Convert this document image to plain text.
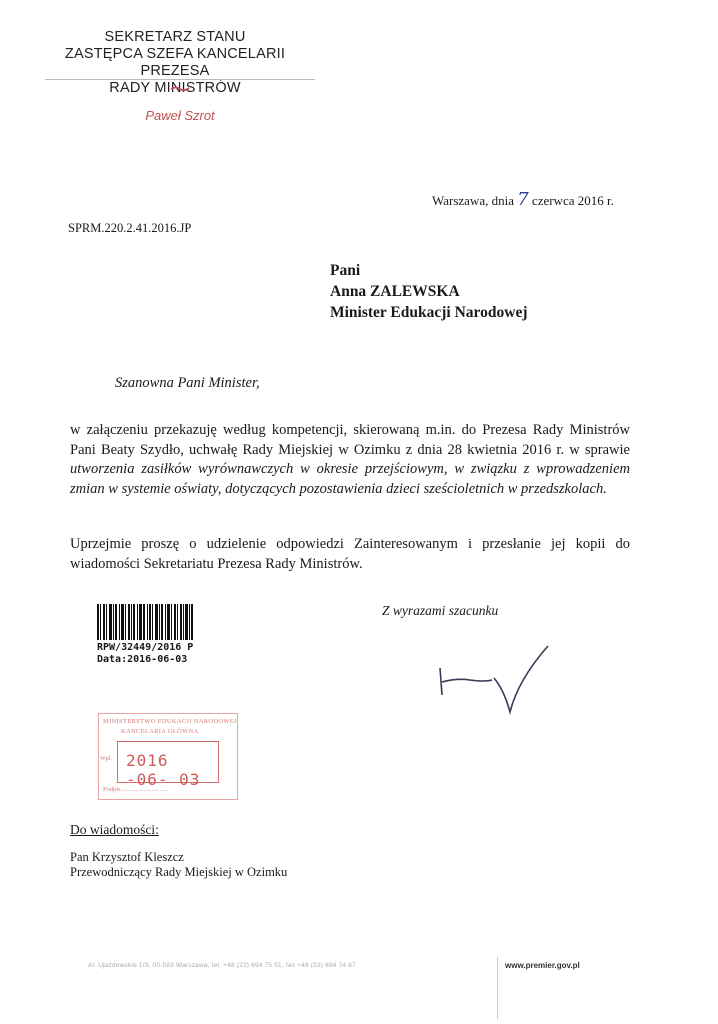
SEKRETARZ STANU
ZASTĘPCA SZEFA KANCELARII PREZESA
RADY MINISTRÓW
Paweł Szrot
Warszawa, dnia 7 czerwca 2016 r.
SPRM.220.2.41.2016.JP
Pani
Anna ZALEWSKA
Minister Edukacji Narodowej
Szanowna Pani Minister,
w załączeniu przekazuję według kompetencji, skierowaną m.in. do Prezesa Rady Ministrów Pani Beaty Szydło, uchwałę Rady Miejskiej w Ozimku z dnia 28 kwietnia 2016 r. w sprawie utworzenia zasiłków wyrównawczych w okresie przejściowym, w związku z wprowadzeniem zmian w systemie oświaty, dotyczących pozostawienia dzieci sześcioletnich w przedszkolach.
Uprzejmie proszę o udzielenie odpowiedzi Zainteresowanym i przesłanie jej kopii do wiadomości Sekretariatu Prezesa Rady Ministrów.
Z wyrazami szacunku
RPW/32449/2016 P
Data:2016-06-03
MINISTERSTWO EDUKACJI NARODOWEJ
KANCELARIA GŁÓWNA
Wpł. 2016 -06- 03
Podpis ............................
Do wiadomości:
Pan Krzysztof Kleszcz
Przewodniczący Rady Miejskiej w Ozimku
Al. Ujazdowskie 1/3, 00-583 Warszawa, tel. +48 (22) 694 75 51, fax +48 (22) 694 74 67	www.premier.gov.pl
